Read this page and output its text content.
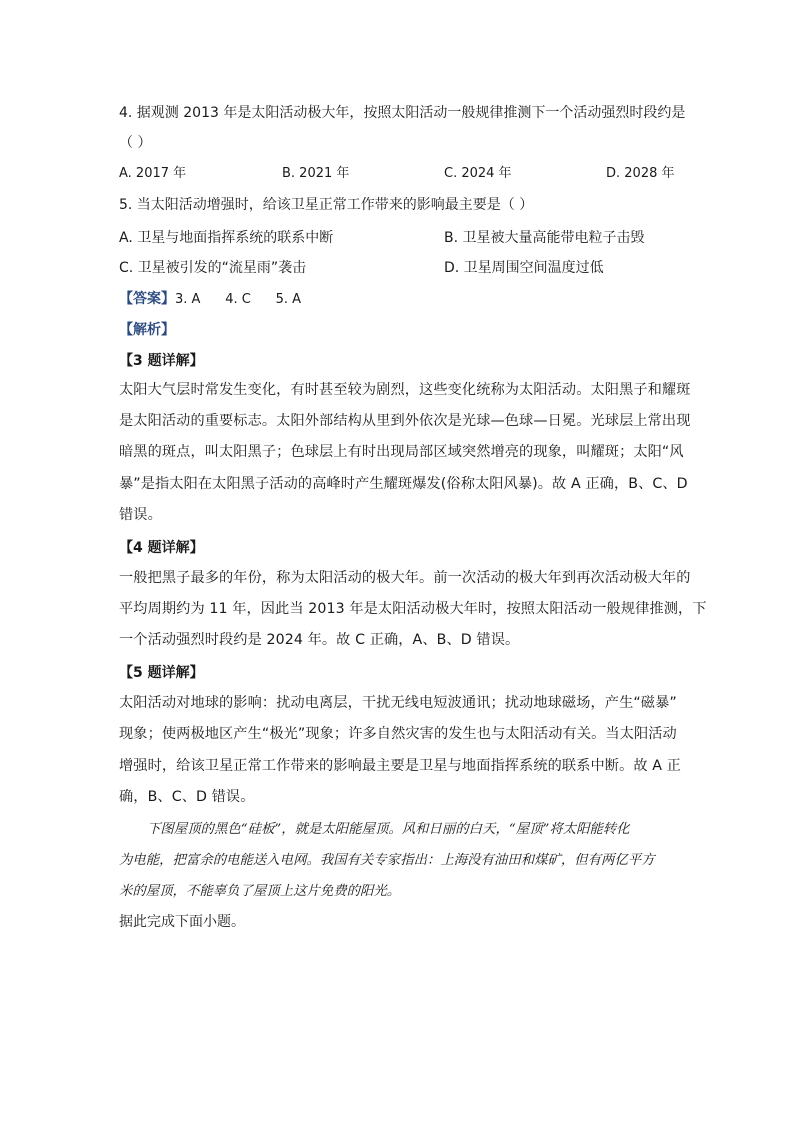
4. 据观测 2013 年是太阳活动极大年，按照太阳活动一般规律推测下一个活动强烈时段约是
（ ）
A. 2017 年	B. 2021 年	C. 2024 年	D. 2028 年
5. 当太阳活动增强时，给该卫星正常工作带来的影响最主要是（ ）
A. 卫星与地面指挥系统的联系中断	B. 卫星被大量高能带电粒子击毁
C. 卫星被引发的“流星雨”袭击	D. 卫星周围空间温度过低
【答案】3. A      4. C      5. A
【解析】
【3 题详解】
太阳大气层时常发生变化，有时甚至较为剧烈，这些变化统称为太阳活动。太阳黑子和耀斑
是太阳活动的重要标志。太阳外部结构从里到外依次是光球—色球—日冕。光球层上常出现
暗黑的斑点，叫太阳黑子；色球层上有时出现局部区域突然增亮的现象，叫耀斑；太阳“风
暴”是指太阳在太阳黑子活动的高峰时产生耀斑爆发(俗称太阳风暴)。故 A 正确，B、C、D
错误。
【4 题详解】
一般把黑子最多的年份，称为太阳活动的极大年。前一次活动的极大年到再次活动极大年的
平均周期约为 11 年，因此当 2013 年是太阳活动极大年时，按照太阳活动一般规律推测，下
一个活动强烈时段约是 2024 年。故 C 正确，A、B、D 错误。
【5 题详解】
太阳活动对地球的影响：扰动电离层，干扰无线电短波通讯；扰动地球磁场，产生“磁暴”
现象；使两极地区产生“极光”现象；许多自然灾害的发生也与太阳活动有关。当太阳活动
增强时，给该卫星正常工作带来的影响最主要是卫星与地面指挥系统的联系中断。故 A 正
确，B、C、D 错误。
下图屋顶的黑色“硅板”，就是太阳能屋顶。风和日丽的白天，“屋顶”将太阳能转化
为电能，把富余的电能送入电网。我国有关专家指出：上海没有油田和煤矿，但有两亿平方
米的屋顶，不能辜负了屋顶上这片免费的阳光。
据此完成下面小题。
